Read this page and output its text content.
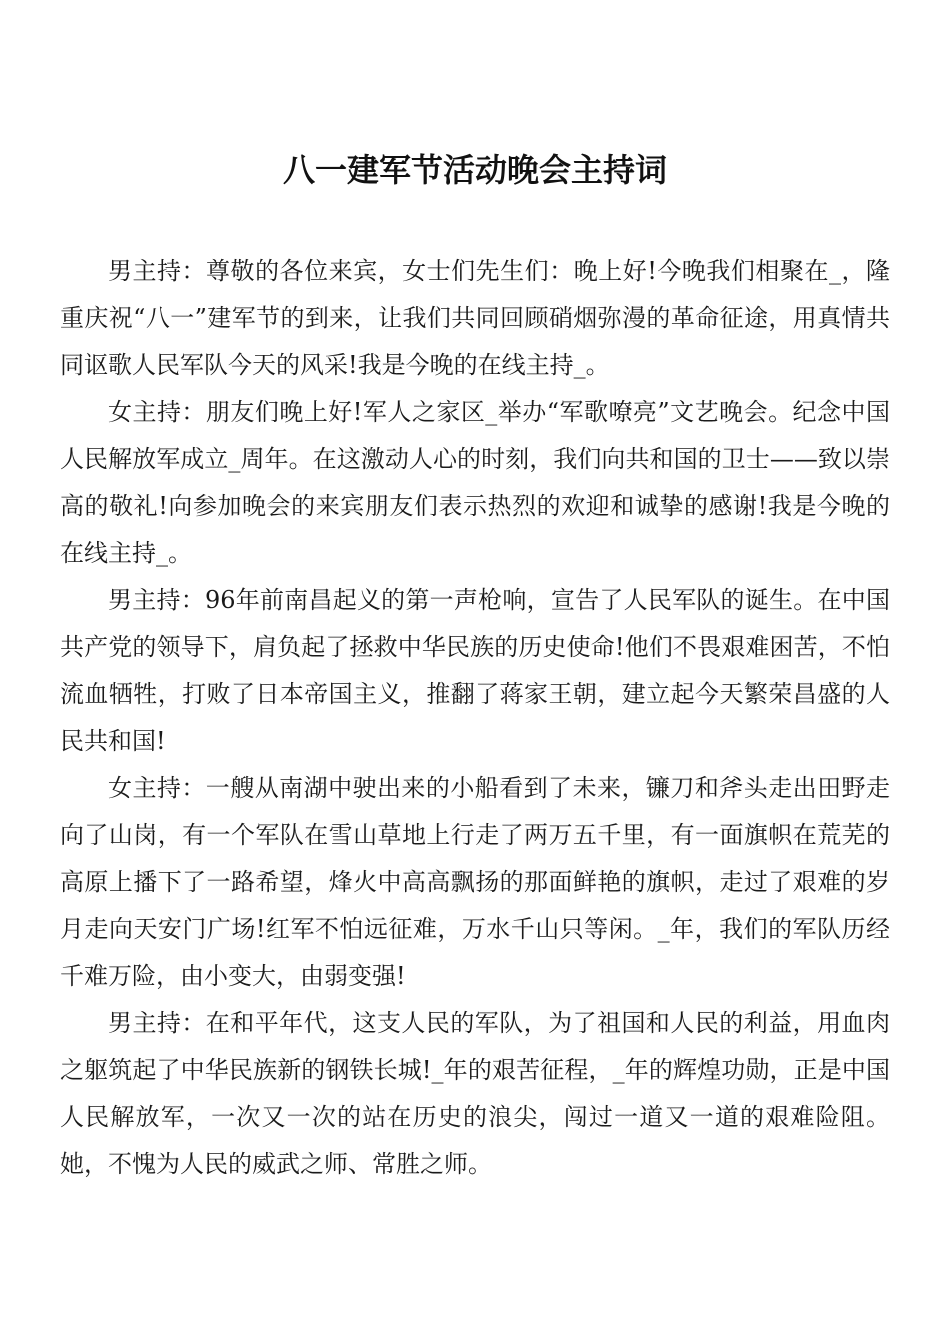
八一建军节活动晚会主持词

男主持：尊敬的各位来宾，女士们先生们：晚上好!今晚我们相聚在_，隆重庆祝“八一”建军节的到来，让我们共同回顾硝烟弥漫的革命征途，用真情共同讴歌人民军队今天的风采!我是今晚的在线主持_。

女主持：朋友们晚上好!军人之家区_举办“军歌嘹亮”文艺晚会。纪念中国人民解放军成立_周年。在这激动人心的时刻，我们向共和国的卫士——致以崇高的敬礼!向参加晚会的来宾朋友们表示热烈的欢迎和诚挚的感谢!我是今晚的在线主持_。

男主持：96年前南昌起义的第一声枪响，宣告了人民军队的诞生。在中国共产党的领导下，肩负起了拯救中华民族的历史使命!他们不畏艰难困苦，不怕流血牺牲，打败了日本帝国主义，推翻了蒋家王朝，建立起今天繁荣昌盛的人民共和国!

女主持：一艘从南湖中驶出来的小船看到了未来，镰刀和斧头走出田野走向了山岗，有一个军队在雪山草地上行走了两万五千里，有一面旗帜在荒芜的高原上播下了一路希望，烽火中高高飘扬的那面鲜艳的旗帜，走过了艰难的岁月走向天安门广场!红军不怕远征难，万水千山只等闲。_年，我们的军队历经千难万险，由小变大，由弱变强!

男主持：在和平年代，这支人民的军队，为了祖国和人民的利益，用血肉之躯筑起了中华民族新的钢铁长城!_年的艰苦征程，_年的辉煌功勋，正是中国人民解放军，一次又一次的站在历史的浪尖，闯过一道又一道的艰难险阻。她，不愧为人民的威武之师、常胜之师。
